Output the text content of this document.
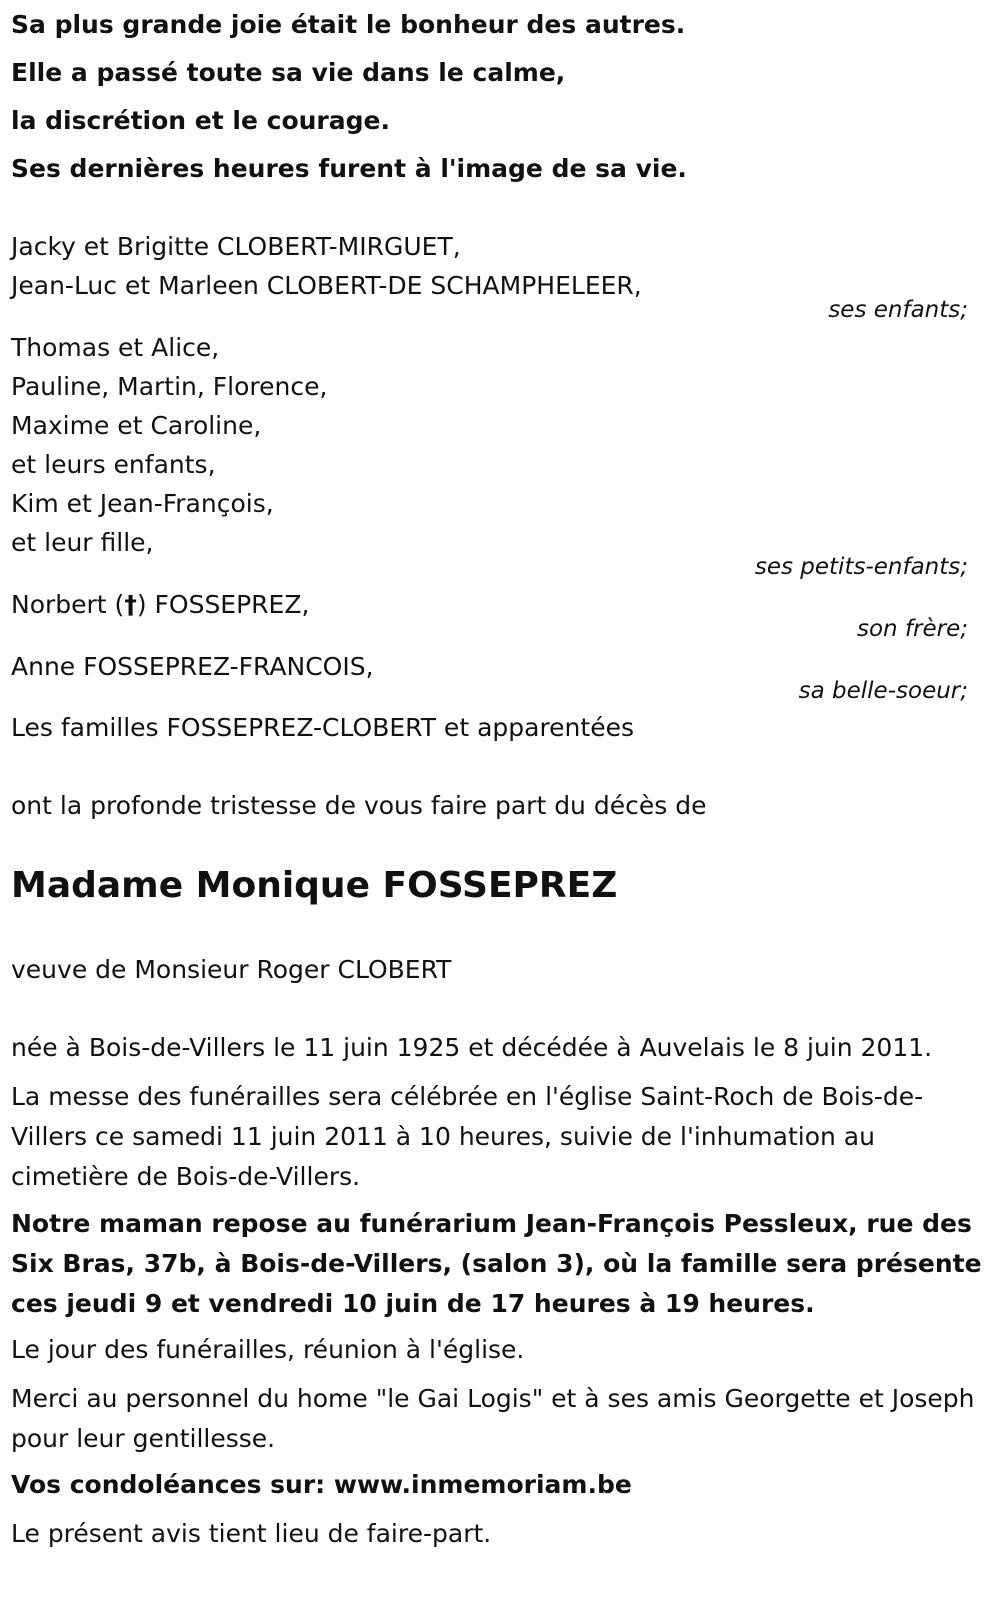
Sa plus grande joie était le bonheur des autres.

Elle a passé toute sa vie dans le calme,

la discrétion et le courage.

Ses dernières heures furent à l'image de sa vie.

Jacky et Brigitte CLOBERT-MIRGUET,

Jean-Luc et Marleen CLOBERT-DE SCHAMPHELEER,

ses enfants;

Thomas et Alice,

Pauline, Martin, Florence,

Maxime et Caroline,

et leurs enfants,

Kim et Jean-François,

et leur fille,

ses petits-enfants;

Norbert (†) FOSSEPREZ,

son frère;

Anne FOSSEPREZ-FRANCOIS,

sa belle-soeur;

Les familles FOSSEPREZ-CLOBERT et apparentées

ont la profonde tristesse de vous faire part du décès de

Madame Monique FOSSEPREZ

veuve de Monsieur Roger CLOBERT

née à Bois-de-Villers le 11 juin 1925 et décédée à Auvelais le 8 juin 2011.

La messe des funérailles sera célébrée en l'église Saint-Roch de Bois-de-Villers ce samedi 11 juin 2011 à 10 heures, suivie de l'inhumation au cimetière de Bois-de-Villers.

Notre maman repose au funérarium Jean-François Pessleux, rue des Six Bras, 37b, à Bois-de-Villers, (salon 3), où la famille sera présente ces jeudi 9 et vendredi 10 juin de 17 heures à 19 heures.

Le jour des funérailles, réunion à l'église.

Merci au personnel du home "le Gai Logis" et à ses amis Georgette et Joseph pour leur gentillesse.

Vos condoléances sur: www.inmemoriam.be

Le présent avis tient lieu de faire-part.
